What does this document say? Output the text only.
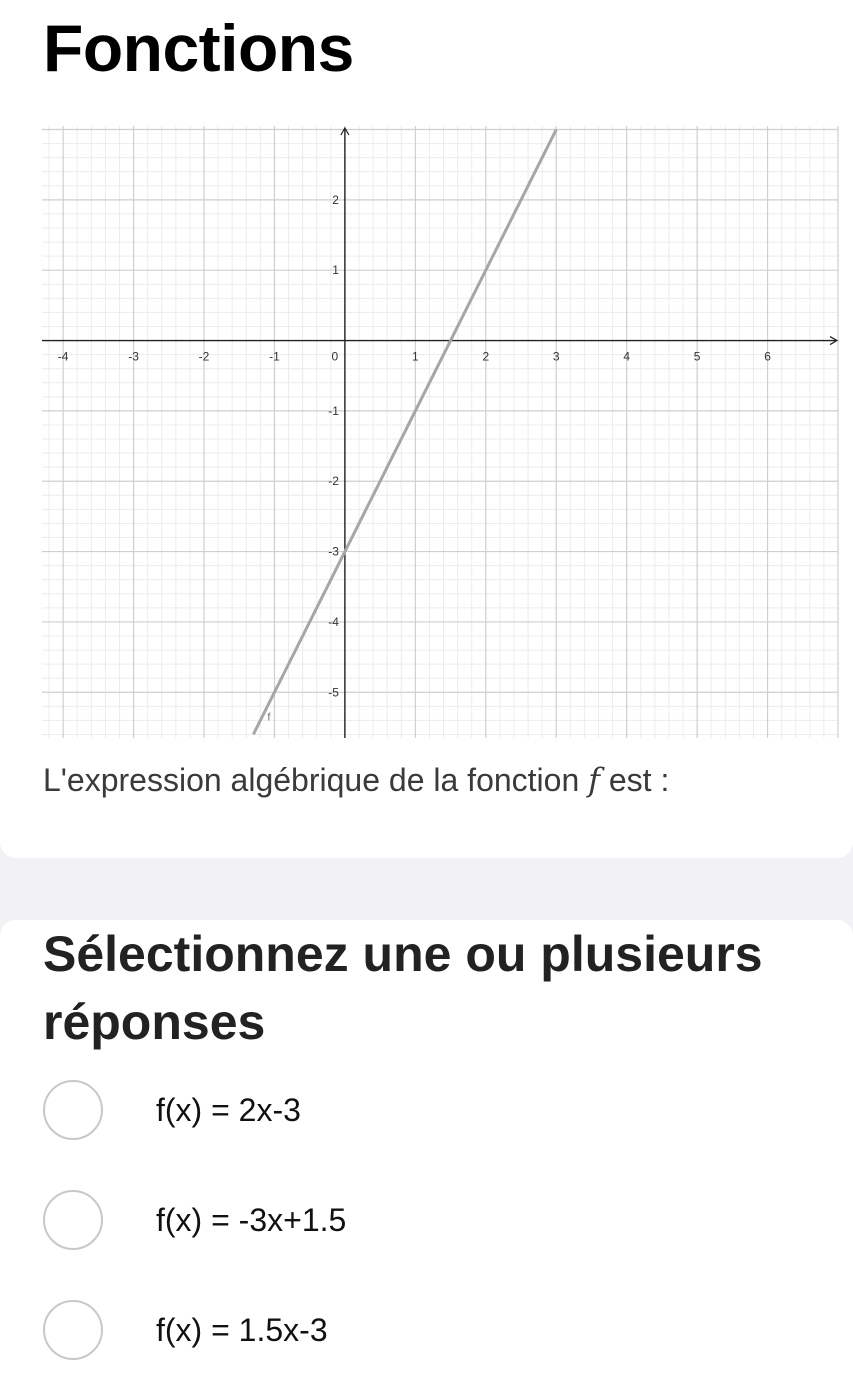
Fonctions
-4	-3	-2	-1	0	1	2	3	4	5	6
2
1
-1
-2
-3
-4
-5
f

L'expression algébrique de la fonction f est :

Sélectionnez une ou plusieurs réponses
f(x) = 2x-3
f(x) = -3x+1.5
f(x) = 1.5x-3
